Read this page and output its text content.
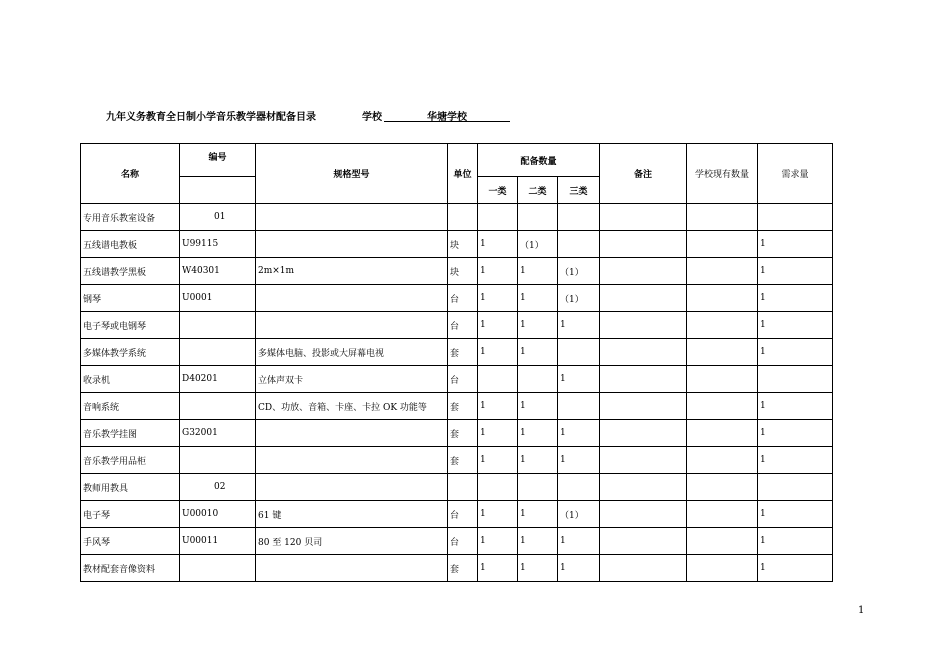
九年义务教育全日制小学音乐教学器材配备目录	学校	华塘学校
名称	编号	规格型号	单位	配备数量			备注	学校现有数量	需求量
				一类	二类	三类			
专用音乐教室设备	01								
五线谱电教板	U99115		块	1	（1）				1
五线谱教学黑板	W40301	2m×1m	块	1	1	（1）			1
钢琴	U0001		台	1	1	（1）			1
电子琴或电钢琴			台	1	1	1			1
多媒体教学系统		多媒体电脑、投影或大屏幕电视	套	1	1				1
收录机	D40201	立体声双卡	台			1			
音响系统		CD、功放、音箱、卡座、卡拉 OK 功能等	套	1	1				1
音乐教学挂图	G32001		套	1	1	1			1
音乐教学用品柜			套	1	1	1			1
教师用教具	02								
电子琴	U00010	61 键	台	1	1	（1）			1
手风琴	U00011	80 至 120 贝司	台	1	1	1			1
教材配套音像资料			套	1	1	1			1
1
